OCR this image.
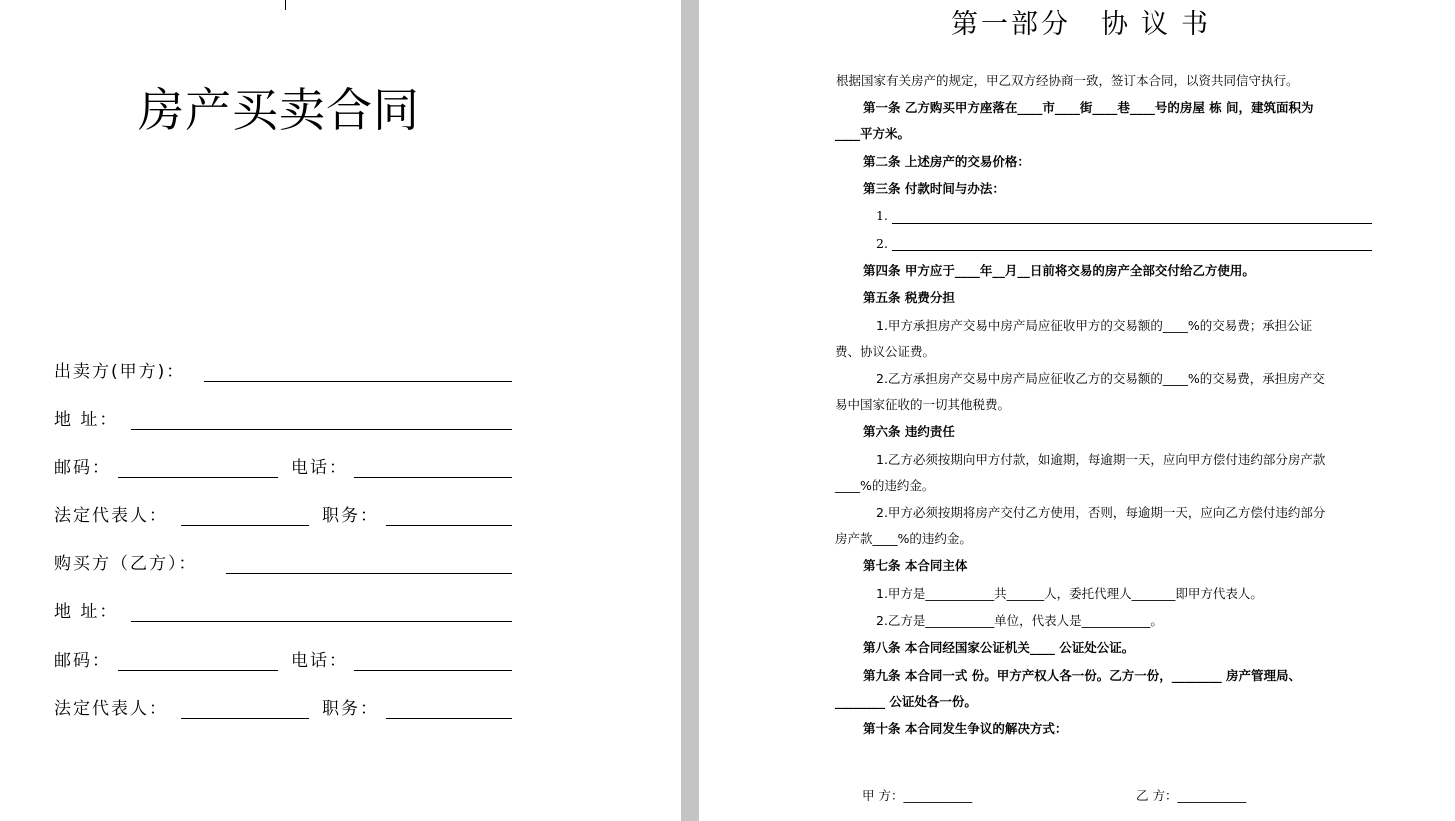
房产买卖合同
出卖方(甲方)：
地 址：
邮码：	电话：
法定代表人：	职务：
购买方（乙方）：
地 址：
邮码：	电话：
法定代表人：	职务：
第一部分 协议书
根据国家有关房产的规定，甲乙双方经协商一致，签订本合同，以资共同信守执行。
第一条 乙方购买甲方座落在____市____街____巷____号的房屋 栋 间，建筑面积为
____平方米。
第二条 上述房产的交易价格：
第三条 付款时间与办法：
1.
2.
第四条 甲方应于____年__月__日前将交易的房产全部交付给乙方使用。
第五条 税费分担
1.甲方承担房产交易中房产局应征收甲方的交易额的____%的交易费；承担公证
费、协议公证费。
2.乙方承担房产交易中房产局应征收乙方的交易额的____%的交易费，承担房产交
易中国家征收的一切其他税费。
第六条 违约责任
1.乙方必须按期向甲方付款，如逾期，每逾期一天，应向甲方偿付违约部分房产款
____%的违约金。
2.甲方必须按期将房产交付乙方使用，否则，每逾期一天，应向乙方偿付违约部分
房产款____%的违约金。
第七条 本合同主体
1.甲方是___________共______人，委托代理人_______即甲方代表人。
2.乙方是___________单位，代表人是___________。
第八条 本合同经国家公证机关____ 公证处公证。
第九条 本合同一式 份。甲方产权人各一份。乙方一份，________ 房产管理局、
________ 公证处各一份。
第十条 本合同发生争议的解决方式：
甲 方：___________	乙 方：___________
